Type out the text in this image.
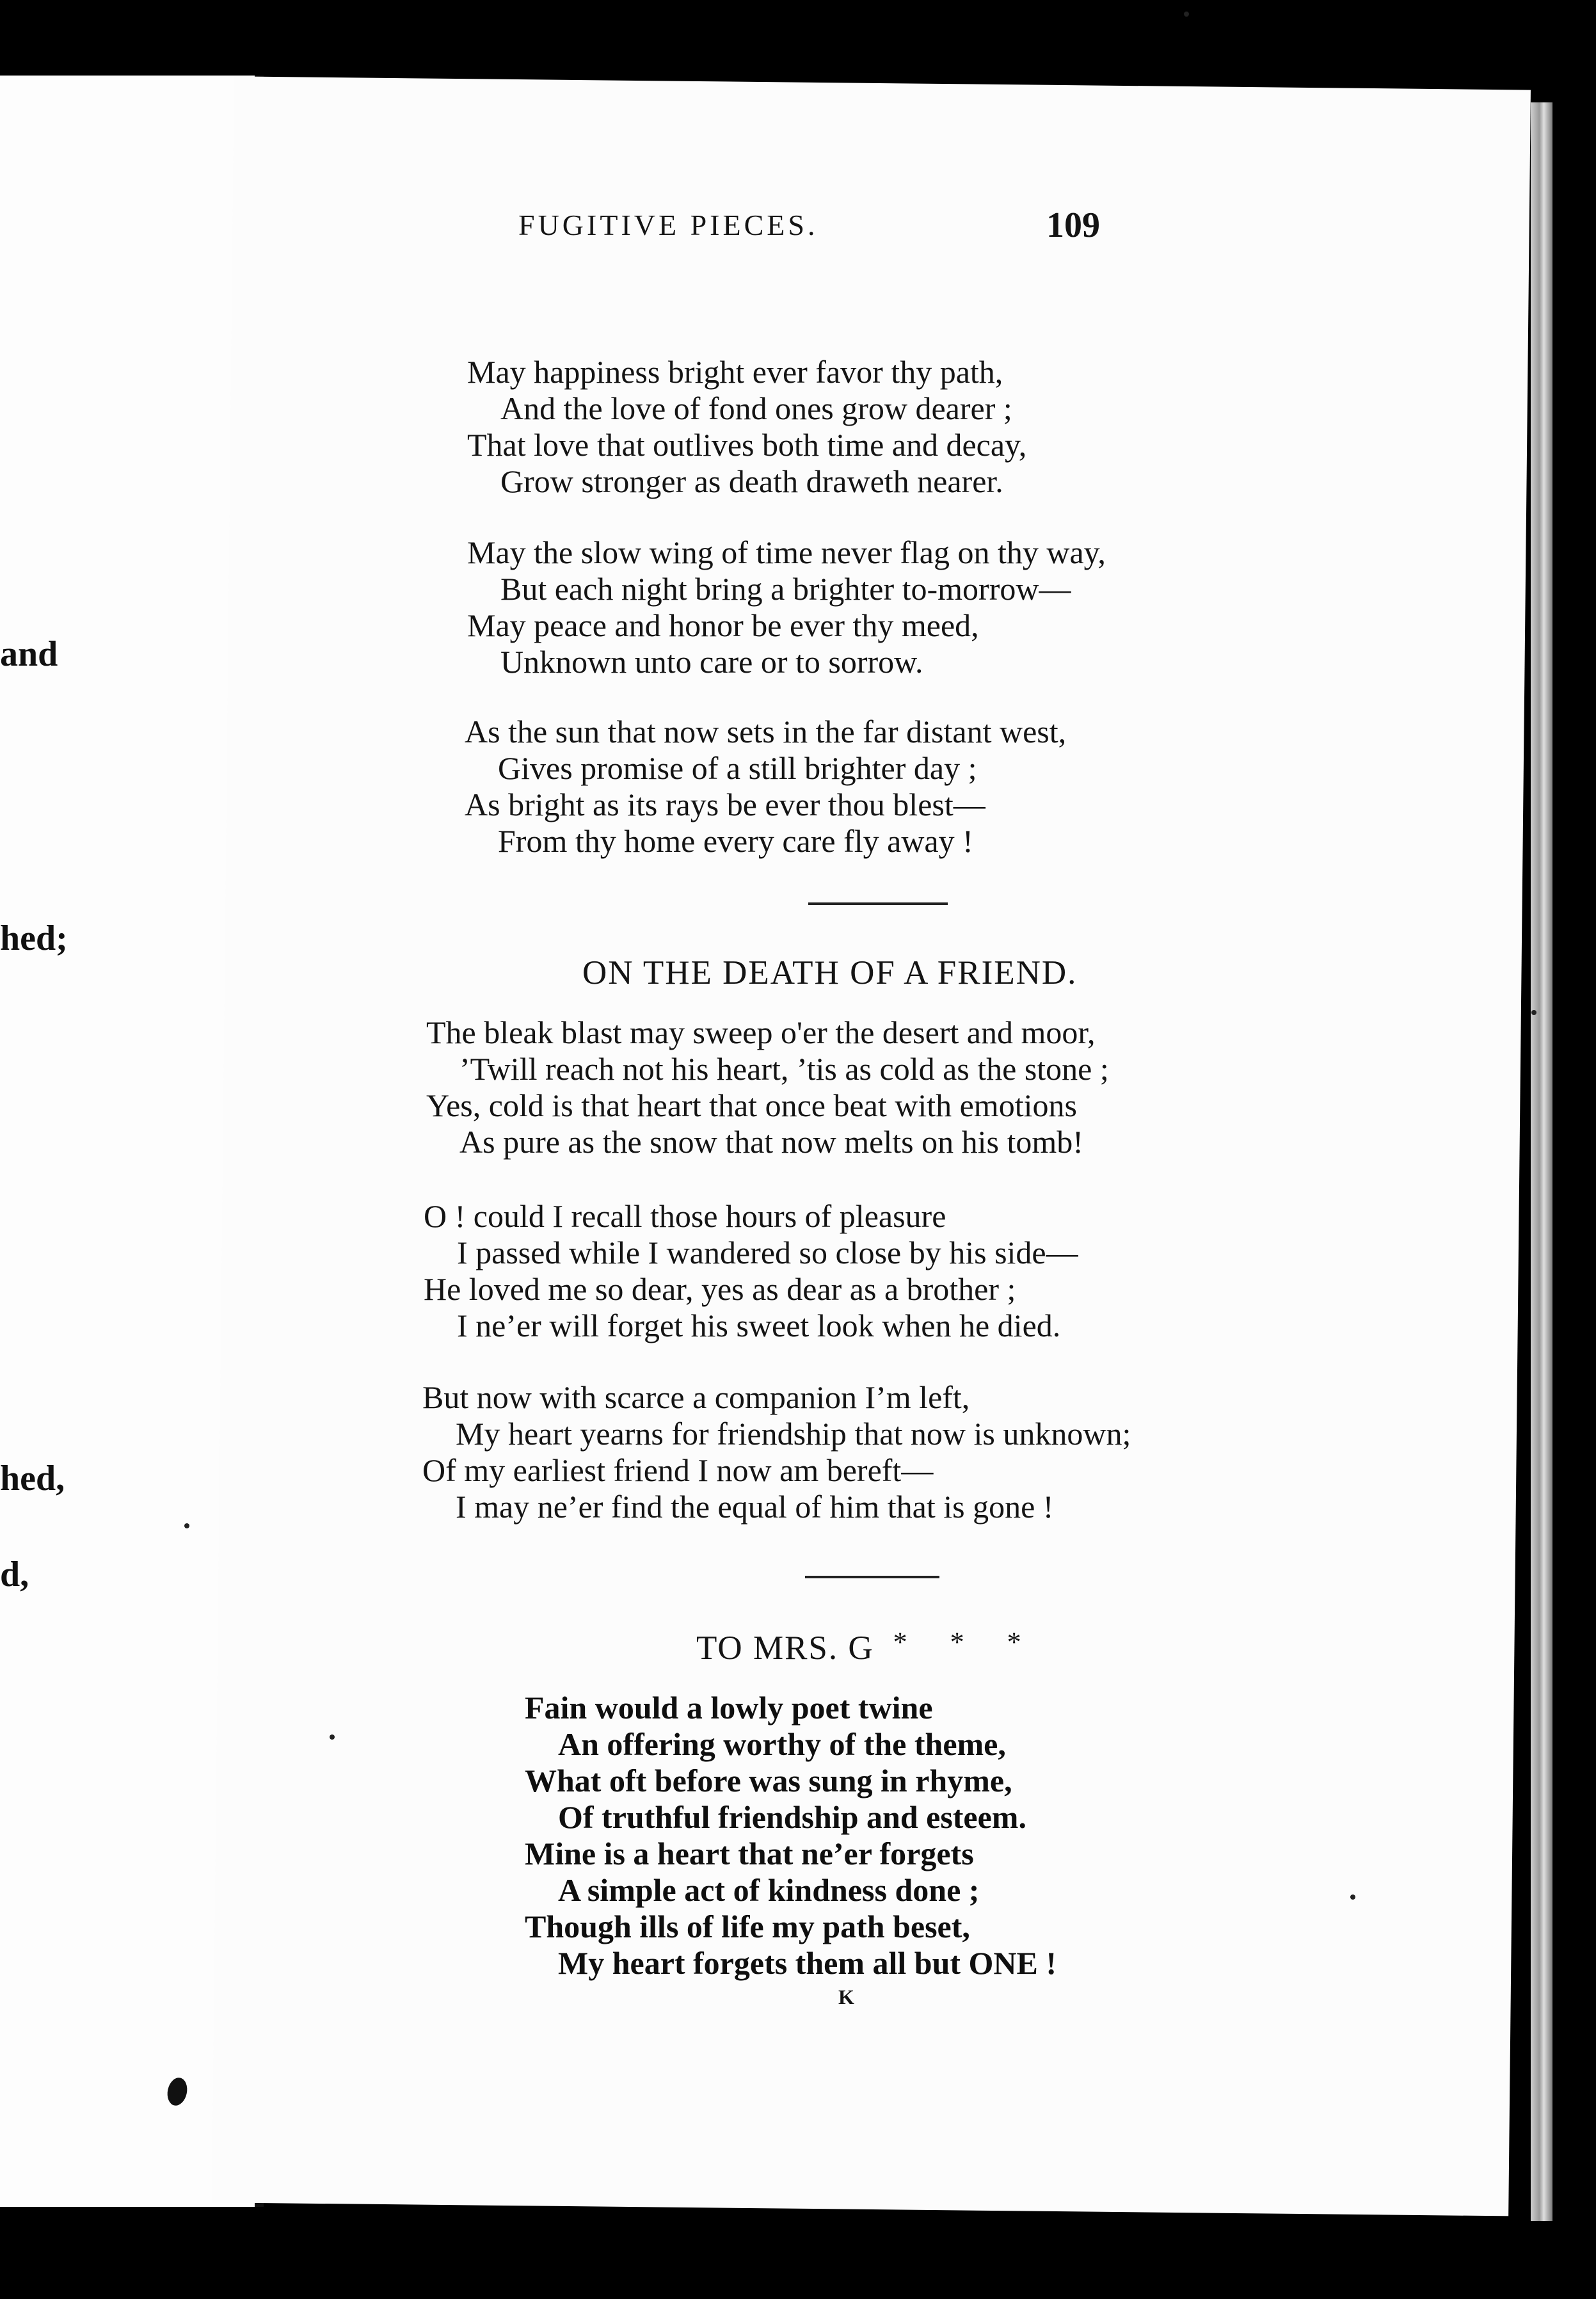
and
hed;
hed,
d,
FUGITIVE PIECES.	109
May happiness bright ever favor thy path,
And the love of fond ones grow dearer ;
That love that outlives both time and decay,
Grow stronger as death draweth nearer.
May the slow wing of time never flag on thy way,
But each night bring a brighter to-morrow—
May peace and honor be ever thy meed,
Unknown unto care or to sorrow.
As the sun that now sets in the far distant west,
Gives promise of a still brighter day ;
As bright as its rays be ever thou blest—
From thy home every care fly away !
ON THE DEATH OF A FRIEND.
The bleak blast may sweep o'er the desert and moor,
’Twill reach not his heart, ’tis as cold as the stone ;
Yes, cold is that heart that once beat with emotions
As pure as the snow that now melts on his tomb!
O ! could I recall those hours of pleasure
I passed while I wandered so close by his side—
He loved me so dear, yes as dear as a brother ;
I ne’er will forget his sweet look when he died.
But now with scarce a companion I’m left,
My heart yearns for friendship that now is unknown;
Of my earliest friend I now am bereft—
I may ne’er find the equal of him that is gone !
TO MRS. G * * *
Fain would a lowly poet twine
An offering worthy of the theme,
What oft before was sung in rhyme,
Of truthful friendship and esteem.
Mine is a heart that ne’er forgets
A simple act of kindness done ;
Though ills of life my path beset,
My heart forgets them all but ONE !
K
